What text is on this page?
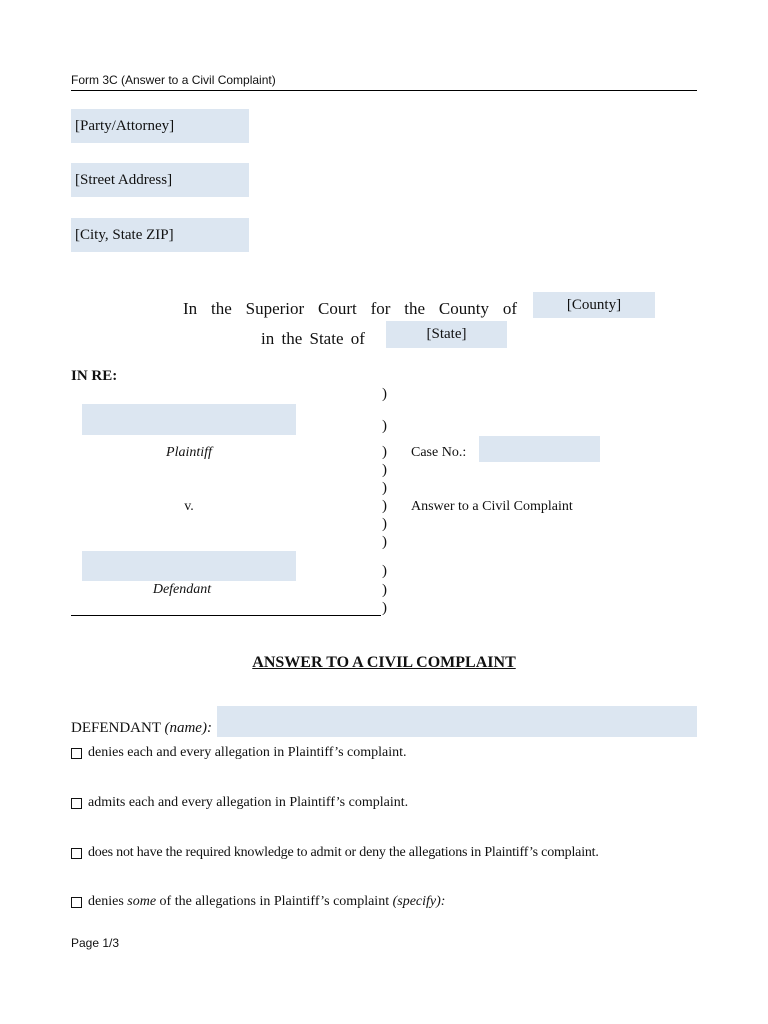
Form 3C (Answer to a Civil Complaint)
[Party/Attorney]
[Street Address]
[City, State ZIP]
In the Superior Court for the County of	[County]
in the State of	[State]
IN RE:
Plaintiff
v.
Defendant
)
)
)
)
)
)
)
)
)
)
)
Case No.:
Answer to a Civil Complaint
ANSWER TO A CIVIL COMPLAINT
DEFENDANT (name):
denies each and every allegation in Plaintiff’s complaint.
admits each and every allegation in Plaintiff’s complaint.
does not have the required knowledge to admit or deny the allegations in Plaintiff’s complaint.
denies some of the allegations in Plaintiff’s complaint (specify):
Page 1/3
